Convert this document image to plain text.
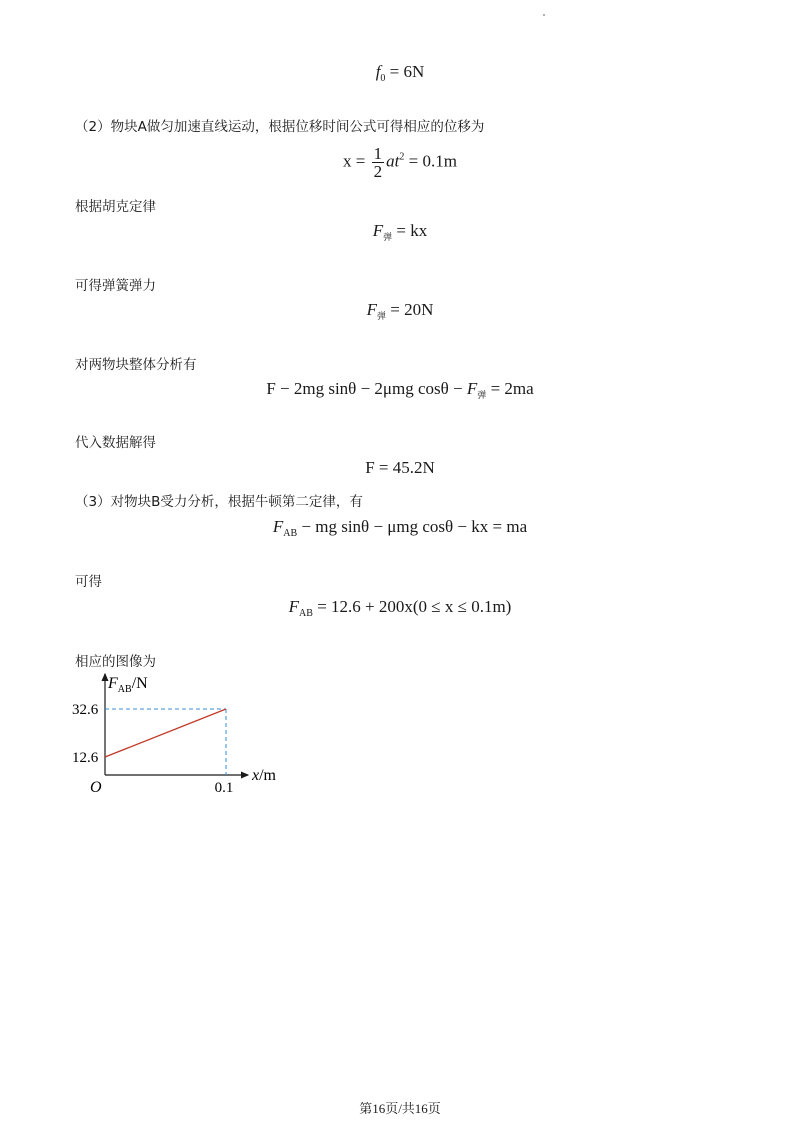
$f_0 = 6N$
（2）物块A做匀加速直线运动，根据位移时间公式可得相应的位移为
$x = \frac{1}{2} at^2 = 0.1m$
根据胡克定律
$F_弹$ = kx
可得弹簧弹力
$F_弹 = 20N$
对两物块整体分析有
F − 2mg sinθ − 2μmg $\cos\theta - F_弹 = 2ma$
代入数据解得
F = 45.2N
（3）对物块B受力分析，根据牛顿第二定律，有
$F_{AB}$ − mg sinθ − μmg cosθ − kx = ma
可得
$F_{AB} = 12.6 + 200x(0 \le x \le 0.1m)$
相应的图像为
$F_{AB}/N$
x/m
O
12.6
32.6
0.1
第16页/共16页
